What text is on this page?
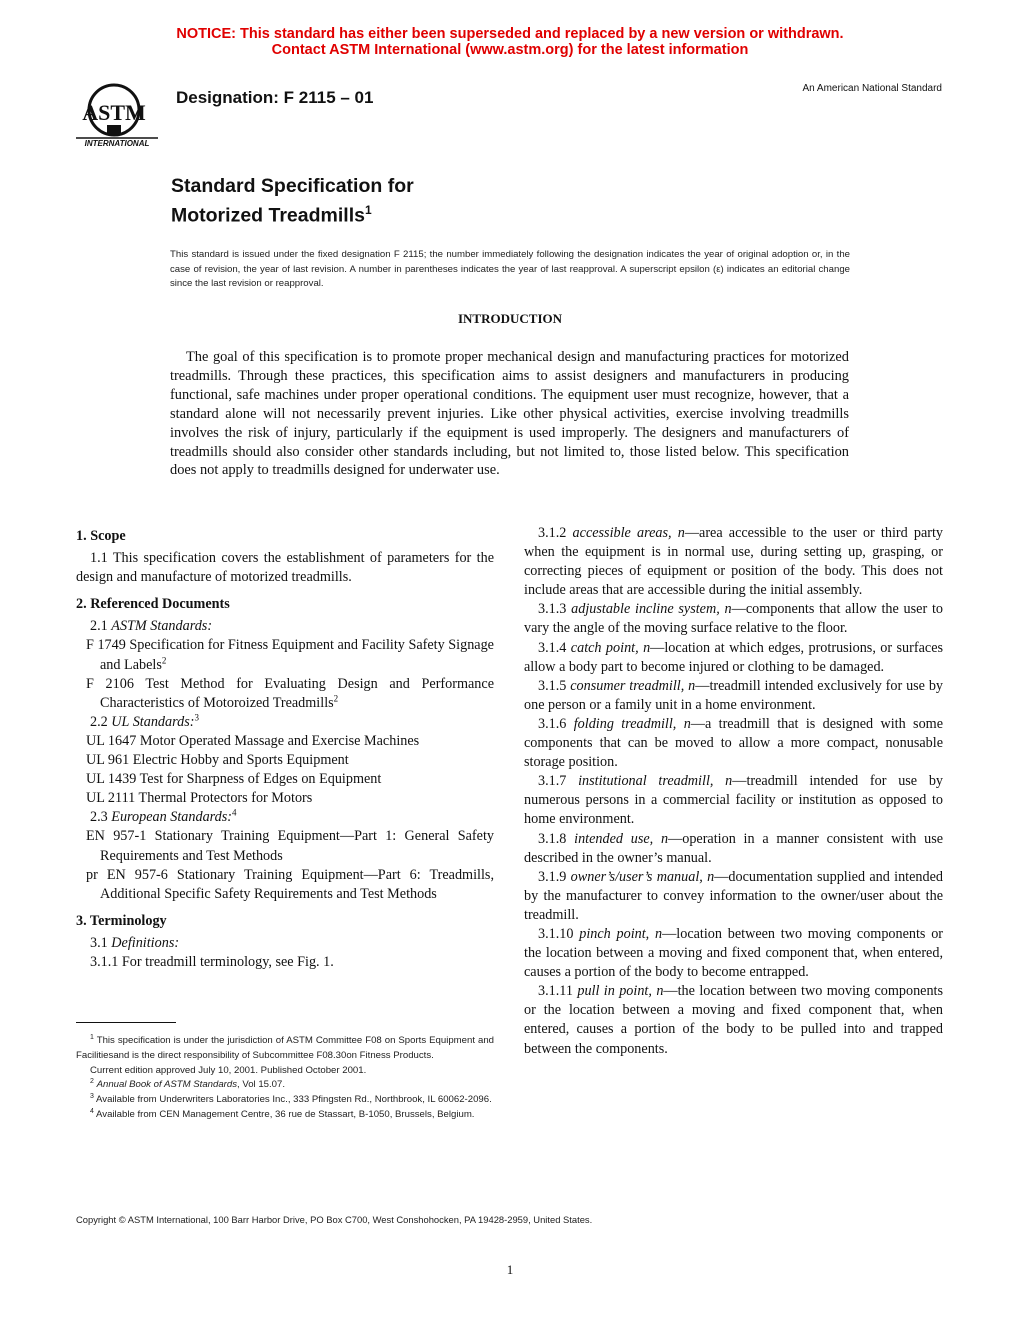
NOTICE: This standard has either been superseded and replaced by a new version or withdrawn.
Contact ASTM International (www.astm.org) for the latest information
ASTM
INTERNATIONAL
Designation: F 2115 – 01	An American National Standard
Standard Specification for
Motorized Treadmills$^1$
This standard is issued under the fixed designation F 2115; the number immediately following the designation indicates the year of original adoption or, in the case of revision, the year of last revision. A number in parentheses indicates the year of last reapproval. A superscript epsilon (ε) indicates an editorial change since the last revision or reapproval.
INTRODUCTION
The goal of this specification is to promote proper mechanical design and manufacturing practices for motorized treadmills. Through these practices, this specification aims to assist designers and manufacturers in producing functional, safe machines under proper operational conditions. The equipment user must recognize, however, that a standard alone will not necessarily prevent injuries. Like other physical activities, exercise involving treadmills involves the risk of injury, particularly if the equipment is used improperly. The designers and manufacturers of treadmills should also consider other standards including, but not limited to, those listed below. This specification does not apply to treadmills designed for underwater use.

1. Scope

1.1 This specification covers the establishment of parameters for the design and manufacture of motorized treadmills.

2. Referenced Documents

2.1 ASTM Standards:

F 1749 Specification for Fitness Equipment and Facility Safety Signage and Labels$^2$

F 2106 Test Method for Evaluating Design and Performance Characteristics of Motoroized Treadmills$^2$

2.2 UL Standards:$^3$

UL 1647 Motor Operated Massage and Exercise Machines

UL 961 Electric Hobby and Sports Equipment

UL 1439 Test for Sharpness of Edges on Equipment

UL 2111 Thermal Protectors for Motors

2.3 European Standards:$^4$

EN 957-1 Stationary Training Equipment—Part 1: General Safety Requirements and Test Methods

pr EN 957-6 Stationary Training Equipment—Part 6: Treadmills, Additional Specific Safety Requirements and Test Methods

3. Terminology

3.1 Definitions:

3.1.1 For treadmill terminology, see Fig. 1.

3.1.2 accessible areas, n—area accessible to the user or third party when the equipment is in normal use, during setting up, grasping, or correcting pieces of equipment or position of the body. This does not include areas that are accessible during the initial assembly.

3.1.3 adjustable incline system, n—components that allow the user to vary the angle of the moving surface relative to the floor.

3.1.4 catch point, n—location at which edges, protrusions, or surfaces allow a body part to become injured or clothing to be damaged.

3.1.5 consumer treadmill, n—treadmill intended exclusively for use by one person or a family unit in a home environment.

3.1.6 folding treadmill, n—a treadmill that is designed with some components that can be moved to allow a more compact, nonusable storage position.

3.1.7 institutional treadmill, n—treadmill intended for use by numerous persons in a commercial facility or institution as opposed to home environment.

3.1.8 intended use, n—operation in a manner consistent with use described in the owner’s manual.

3.1.9 owner’s/user’s manual, n—documentation supplied and intended by the manufacturer to convey information to the owner/user about the treadmill.

3.1.10 pinch point, n—location between two moving components or the location between a moving and fixed component that, when entered, causes a portion of the body to become entrapped.

3.1.11 pull in point, n—the location between two moving components or the location between a moving and fixed component that, when entered, causes a portion of the body to be pulled into and trapped between the components.

$^1$ This specification is under the jurisdiction of ASTM Committee F08 on Sports Equipment and Facilitiesand is the direct responsibility of Subcommittee F08.30on Fitness Products.

Current edition approved July 10, 2001. Published October 2001.

$^2$ Annual Book of ASTM Standards, Vol 15.07.

$^3$ Available from Underwriters Laboratories Inc., 333 Pfingsten Rd., Northbrook, IL 60062-2096.

$^4$ Available from CEN Management Centre, 36 rue de Stassart, B-1050, Brussels, Belgium.

Copyright © ASTM International, 100 Barr Harbor Drive, PO Box C700, West Conshohocken, PA 19428-2959, United States.
1
